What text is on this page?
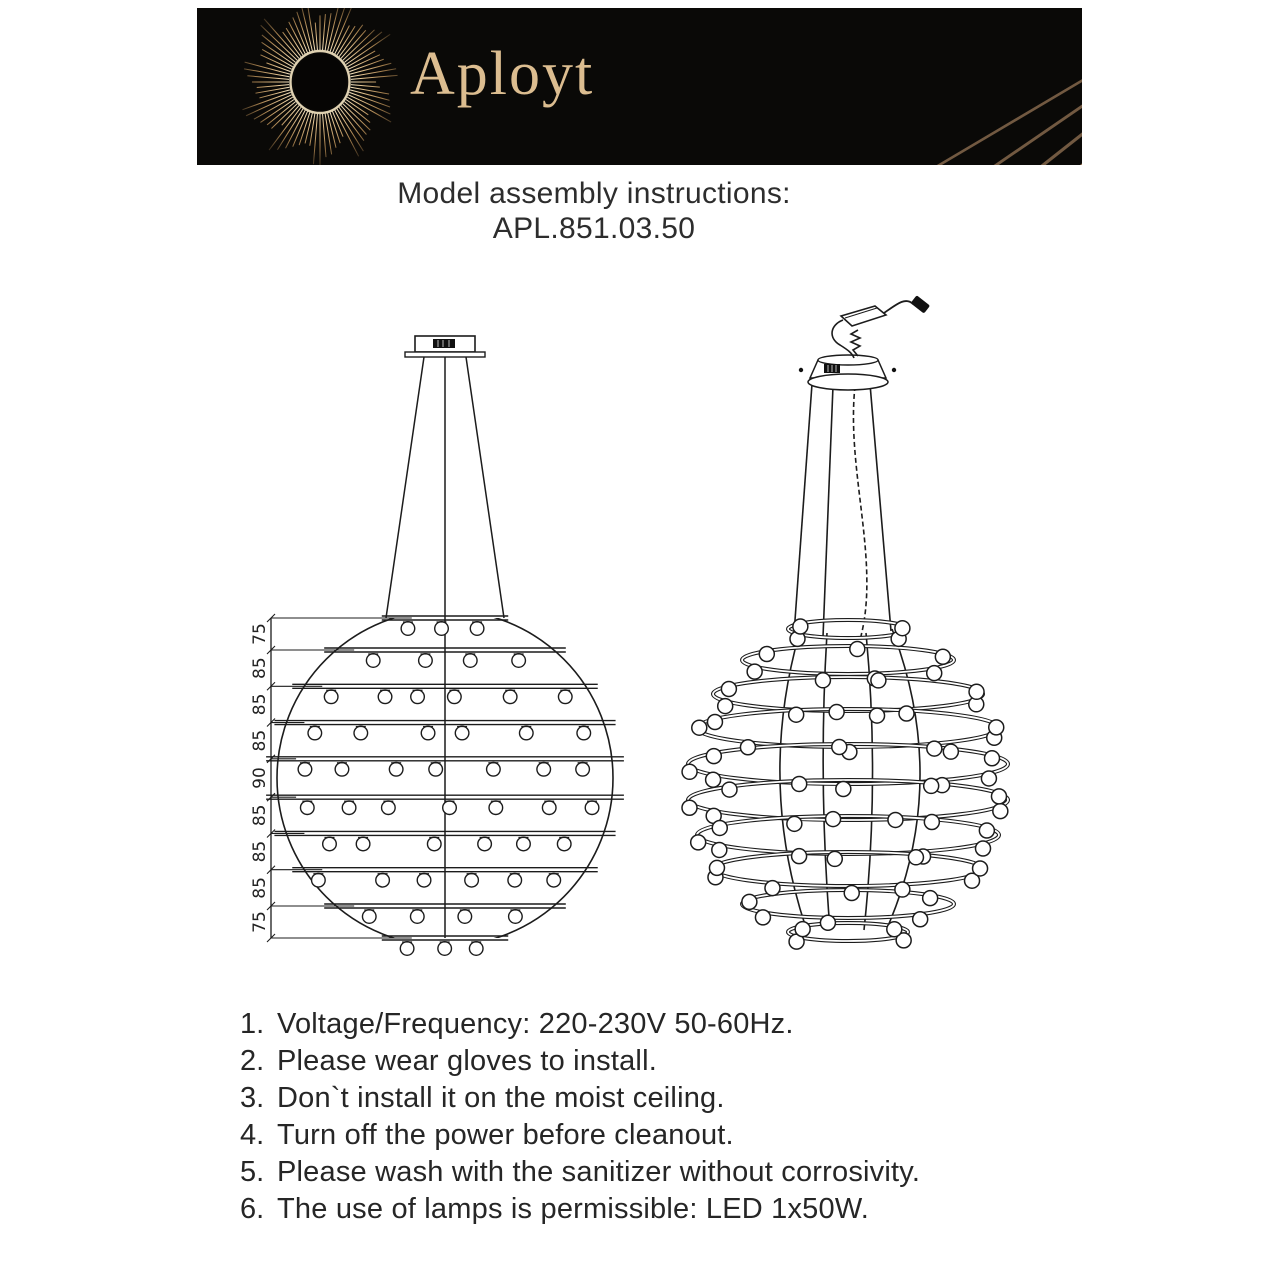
Aployt
Model assembly instructions:
APL.851.03.50
75
85
85
85
90
85
85
85
75
1. Voltage/Frequency: 220-230V 50-60Hz.
2. Please wear gloves to install.
3. Don`t install it on the moist ceiling.
4. Turn off the power before cleanout.
5. Please wash with the sanitizer without corrosivity.
6. The use of lamps is permissible: LED 1x50W.
